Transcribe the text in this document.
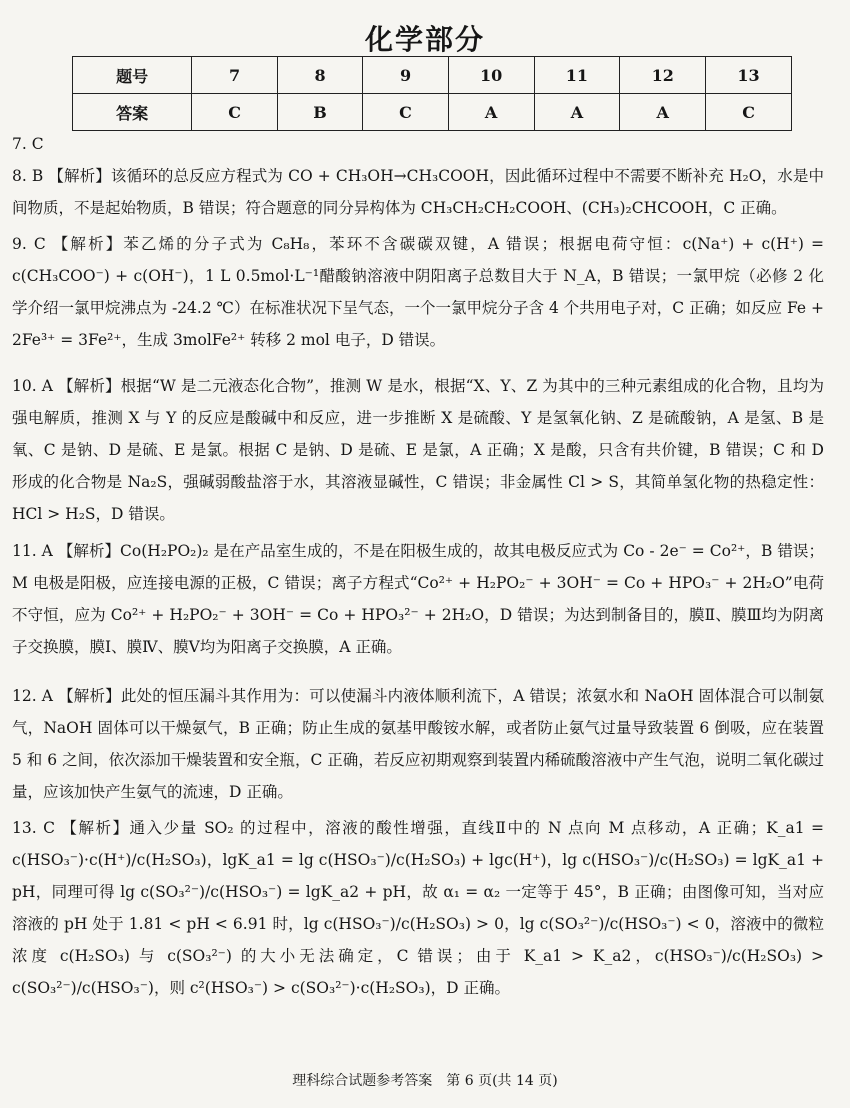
化学部分
题号	7	8	9	10	11	12	13
答案	C	B	C	A	A	A	C
7. C
8. B 【解析】该循环的总反应方程式为 CO + CH₃OH→CH₃COOH，因此循环过程中不需要不断补充 H₂O，水是中间物质，不是起始物质，B 错误；符合题意的同分异构体为 CH₃CH₂CH₂COOH、(CH₃)₂CHCOOH，C 正确。
9. C 【解析】苯乙烯的分子式为 C₈H₈，苯环不含碳碳双键，A 错误；根据电荷守恒：c(Na⁺) + c(H⁺) = c(CH₃COO⁻) + c(OH⁻)，1 L 0.5mol·L⁻¹醋酸钠溶液中阴阳离子总数目大于 N_A，B 错误；一氯甲烷（必修 2 化学介绍一氯甲烷沸点为 -24.2 ℃）在标准状况下呈气态，一个一氯甲烷分子含 4 个共用电子对，C 正确；如反应 Fe + 2Fe³⁺ = 3Fe²⁺，生成 3molFe²⁺ 转移 2 mol 电子，D 错误。
10. A 【解析】根据“W 是二元液态化合物”，推测 W 是水，根据“X、Y、Z 为其中的三种元素组成的化合物，且均为强电解质，推测 X 与 Y 的反应是酸碱中和反应，进一步推断 X 是硫酸、Y 是氢氧化钠、Z 是硫酸钠，A 是氢、B 是氧、C 是钠、D 是硫、E 是氯。根据 C 是钠、D 是硫、E 是氯，A 正确；X 是酸，只含有共价键，B 错误；C 和 D 形成的化合物是 Na₂S，强碱弱酸盐溶于水，其溶液显碱性，C 错误；非金属性 Cl > S，其简单氢化物的热稳定性：HCl > H₂S，D 错误。
11. A 【解析】Co(H₂PO₂)₂ 是在产品室生成的，不是在阳极生成的，故其电极反应式为 Co - 2e⁻ = Co²⁺，B 错误；M 电极是阳极，应连接电源的正极，C 错误；离子方程式“Co²⁺ + H₂PO₂⁻ + 3OH⁻ = Co + HPO₃⁻ + 2H₂O”电荷不守恒，应为 Co²⁺ + H₂PO₂⁻ + 3OH⁻ = Co + HPO₃²⁻ + 2H₂O，D 错误；为达到制备目的，膜Ⅱ、膜Ⅲ均为阴离子交换膜，膜Ⅰ、膜Ⅳ、膜Ⅴ均为阳离子交换膜，A 正确。
12. A 【解析】此处的恒压漏斗其作用为：可以使漏斗内液体顺利流下，A 错误；浓氨水和 NaOH 固体混合可以制氨气，NaOH 固体可以干燥氨气，B 正确；防止生成的氨基甲酸铵水解，或者防止氨气过量导致装置 6 倒吸，应在装置 5 和 6 之间，依次添加干燥装置和安全瓶，C 正确，若反应初期观察到装置内稀硫酸溶液中产生气泡，说明二氧化碳过量，应该加快产生氨气的流速，D 正确。
13. C 【解析】通入少量 SO₂ 的过程中，溶液的酸性增强，直线Ⅱ中的 N 点向 M 点移动，A 正确；K_a1 = c(HSO₃⁻)·c(H⁺)/c(H₂SO₃)，lgK_a1 = lg c(HSO₃⁻)/c(H₂SO₃) + lgc(H⁺)，lg c(HSO₃⁻)/c(H₂SO₃) = lgK_a1 + pH，同理可得 lg c(SO₃²⁻)/c(HSO₃⁻) = lgK_a2 + pH，故 α₁ = α₂ 一定等于 45°，B 正确；由图像可知，当对应溶液的 pH 处于 1.81 < pH < 6.91 时，lg c(HSO₃⁻)/c(H₂SO₃) > 0，lg c(SO₃²⁻)/c(HSO₃⁻) < 0，溶液中的微粒浓度 c(H₂SO₃) 与 c(SO₃²⁻) 的大小无法确定，C 错误；由于 K_a1 > K_a2，c(HSO₃⁻)/c(H₂SO₃) > c(SO₃²⁻)/c(HSO₃⁻)，则 c²(HSO₃⁻) > c(SO₃²⁻)·c(H₂SO₃)，D 正确。
理科综合试题参考答案　第 6 页(共 14 页)
